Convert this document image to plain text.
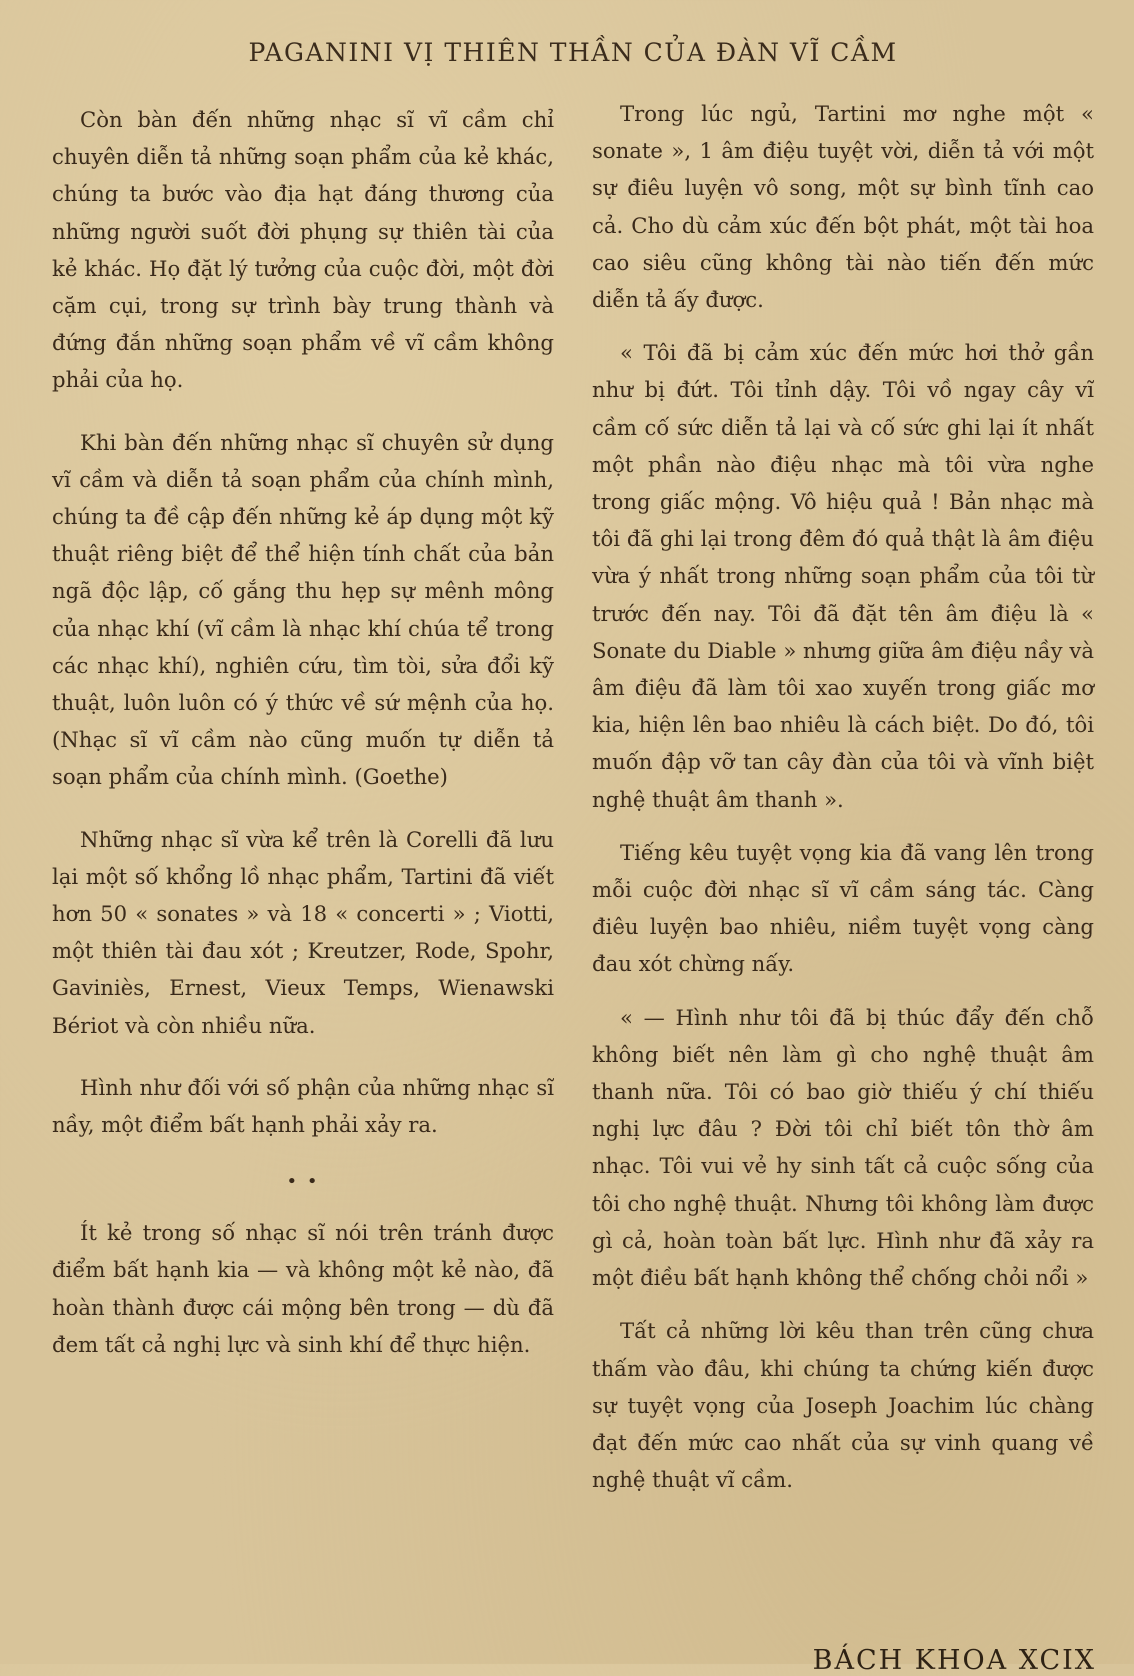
PAGANINI VỊ THIÊN THẦN CỦA ĐÀN VĨ CẦM

Còn bàn đến những nhạc sĩ vĩ cầm chỉ chuyên diễn tả những soạn phẩm của kẻ khác, chúng ta bước vào địa hạt đáng thương của những người suốt đời phụng sự thiên tài của kẻ khác. Họ đặt lý tưởng của cuộc đời, một đời cặm cụi, trong sự trình bày trung thành và đứng đắn những soạn phẩm về vĩ cầm không phải của họ.

Khi bàn đến những nhạc sĩ chuyên sử dụng vĩ cầm và diễn tả soạn phẩm của chính mình, chúng ta đề cập đến những kẻ áp dụng một kỹ thuật riêng biệt để thể hiện tính chất của bản ngã độc lập, cố gắng thu hẹp sự mênh mông của nhạc khí (vĩ cầm là nhạc khí chúa tể trong các nhạc khí), nghiên cứu, tìm tòi, sửa đổi kỹ thuật, luôn luôn có ý thức về sứ mệnh của họ. (Nhạc sĩ vĩ cầm nào cũng muốn tự diễn tả soạn phẩm của chính mình. (Goethe)

Những nhạc sĩ vừa kể trên là Corelli đã lưu lại một số khổng lồ nhạc phẩm, Tartini đã viết hơn 50 « sonates » và 18 « concerti » ; Viotti, một thiên tài đau xót ; Kreutzer, Rode, Spohr, Gaviniès, Ernest, Vieux Temps, Wienawski Bériot và còn nhiều nữa.

Hình như đối với số phận của những nhạc sĩ nầy, một điểm bất hạnh phải xảy ra.

• •

Ít kẻ trong số nhạc sĩ nói trên tránh được điểm bất hạnh kia — và không một kẻ nào, đã hoàn thành được cái mộng bên trong — dù đã đem tất cả nghị lực và sinh khí để thực hiện.

Trong lúc ngủ, Tartini mơ nghe một « sonate », 1 âm điệu tuyệt vời, diễn tả với một sự điêu luyện vô song, một sự bình tĩnh cao cả. Cho dù cảm xúc đến bột phát, một tài hoa cao siêu cũng không tài nào tiến đến mức diễn tả ấy được.

« Tôi đã bị cảm xúc đến mức hơi thở gần như bị đứt. Tôi tỉnh dậy. Tôi vồ ngay cây vĩ cầm cố sức diễn tả lại và cố sức ghi lại ít nhất một phần nào điệu nhạc mà tôi vừa nghe trong giấc mộng. Vô hiệu quả ! Bản nhạc mà tôi đã ghi lại trong đêm đó quả thật là âm điệu vừa ý nhất trong những soạn phẩm của tôi từ trước đến nay. Tôi đã đặt tên âm điệu là « Sonate du Diable » nhưng giữa âm điệu nầy và âm điệu đã làm tôi xao xuyến trong giấc mơ kia, hiện lên bao nhiêu là cách biệt. Do đó, tôi muốn đập vỡ tan cây đàn của tôi và vĩnh biệt nghệ thuật âm thanh ».

Tiếng kêu tuyệt vọng kia đã vang lên trong mỗi cuộc đời nhạc sĩ vĩ cầm sáng tác. Càng điêu luyện bao nhiêu, niềm tuyệt vọng càng đau xót chừng nấy.

« — Hình như tôi đã bị thúc đẩy đến chỗ không biết nên làm gì cho nghệ thuật âm thanh nữa. Tôi có bao giờ thiếu ý chí thiếu nghị lực đâu ? Đời tôi chỉ biết tôn thờ âm nhạc. Tôi vui vẻ hy sinh tất cả cuộc sống của tôi cho nghệ thuật. Nhưng tôi không làm được gì cả, hoàn toàn bất lực. Hình như đã xảy ra một điều bất hạnh không thể chống chỏi nổi »

Tất cả những lời kêu than trên cũng chưa thấm vào đâu, khi chúng ta chứng kiến được sự tuyệt vọng của Joseph Joachim lúc chàng đạt đến mức cao nhất của sự vinh quang về nghệ thuật vĩ cầm.

BÁCH KHOA XCIX
